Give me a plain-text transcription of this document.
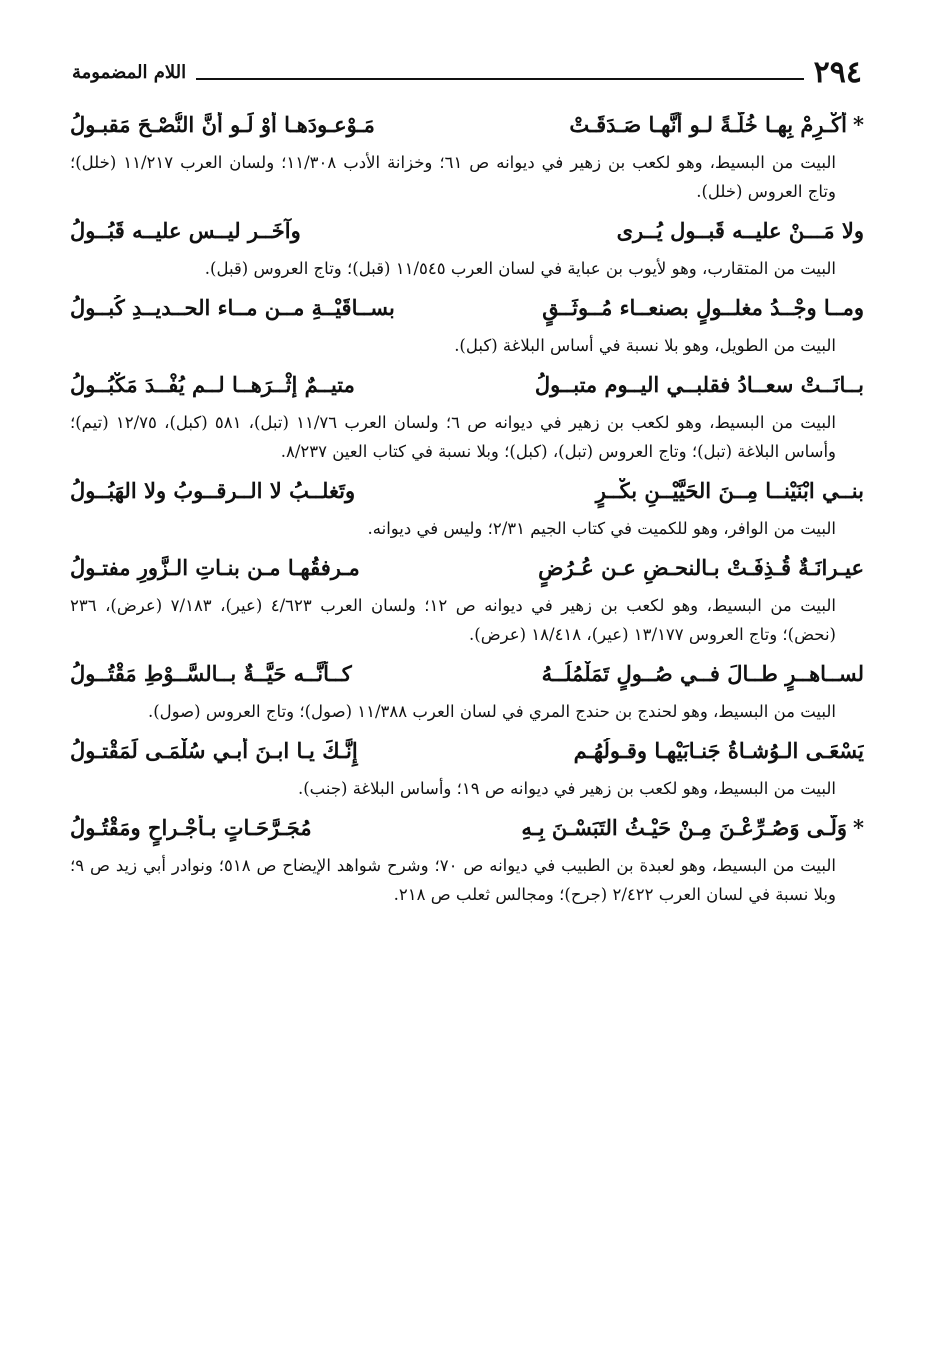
٢٩٤
اللام المضمومة
*أَكْـرِمْ بِهـا خُلَّـةً لـو أَنَّهـا صَـدَقَـتْ
مَـوْعـودَهـا أَوْ لَـو أَنَّ النُّصْـحَ مَقبـولُ
البيت من البسيط، وهو لكعب بن زهير في ديوانه ص ٦١؛ وخزانة الأدب ١١/٣٠٨؛ ولسان العرب ١١/٢١٧ (خلل)؛ وتاج العروس (خلل).
ولا مَـــنْ عليــه قَبــول يُــرى
وآخَــر ليــس عليــه قَبُــولُ
البيت من المتقارب، وهو لأيوب بن عباية في لسان العرب ١١/٥٤٥ (قبل)؛ وتاج العروس (قبل).
ومــا وجْــدُ مغلــولٍ بصنعــاء مُــوثَــقٍ
بســاقَيْــةِ مــن مــاء الحــديــدِ كُبــولُ
البيت من الطويل، وهو بلا نسبة في أساس البلاغة (كبل).
بــانَــتْ سعــادُ فقلبــي اليــوم متبــولُ
متيــمٌ إثْــرَهــا لــم يُفْــدَ مَكْبُــولُ
البيت من البسيط، وهو لكعب بن زهير في ديوانه ص ٦؛ ولسان العرب ١١/٧٦ (تبل)، ٥٨١ (كبل)، ١٢/٧٥ (تيم)؛ وأساس البلاغة (تبل)؛ وتاج العروس (تبل)، (كبل)؛ وبلا نسبة في كتاب العين ٨/٢٣٧.
بنــي ابْنَيْنــا مِــنَ الحَيَّيْــنِ بكْــرٍ
وتَغلــبُ لا الــرقــوبُ ولا الهَبُــولُ
البيت من الوافر، وهو للكميت في كتاب الجيم ٢/٣١؛ وليس في ديوانه.
عيـرانَـةٌ قُـذِفَـتْ بـالنحـضِ عـن عُـرُضٍ
مـرفقُهـا مـن بنـاتِ الـزَّورِ مفتـولُ
البيت من البسيط، وهو لكعب بن زهير في ديوانه ص ١٢؛ ولسان العرب ٤/٦٢٣ (عير)، ٧/١٨٣ (عرض)، ٢٣٦ (نحض)؛ وتاج العروس ١٣/١٧٧ (عير)، ١٨/٤١٨ (عرض).
لســاهــرٍ طــالَ فــي صُــولٍ تَمَلْمُلُــهُ
كــأَنَّــه حَيَّــةٌ بــالسَّــوْطِ مَقْتُــولُ
البيت من البسيط، وهو لحندج بن حندج المري في لسان العرب ١١/٣٨٨ (صول)؛ وتاج العروس (صول).
يَسْعَـى الـوُشـاةُ جَنـابَيْهـا وقـولُهُـم
إِنَّـكَ يـا ابـنَ أَبـي سُلْمَـى لَمَقْتـولُ
البيت من البسيط، وهو لكعب بن زهير في ديوانه ص ١٩؛ وأساس البلاغة (جنب).
*وَلّـى وَصُـرِّعْـنَ مِـنْ حَيْـثُ التَبَسْـنَ بِـهِ
مُجَـرَّحَـاتٍ بـأَجْـراحٍ ومَقْتُـولُ
البيت من البسيط، وهو لعبدة بن الطبيب في ديوانه ص ٧٠؛ وشرح شواهد الإيضاح ص ٥١٨؛ ونوادر أبي زيد ص ٩؛ وبلا نسبة في لسان العرب ٢/٤٢٢ (جرح)؛ ومجالس ثعلب ص ٢١٨.
